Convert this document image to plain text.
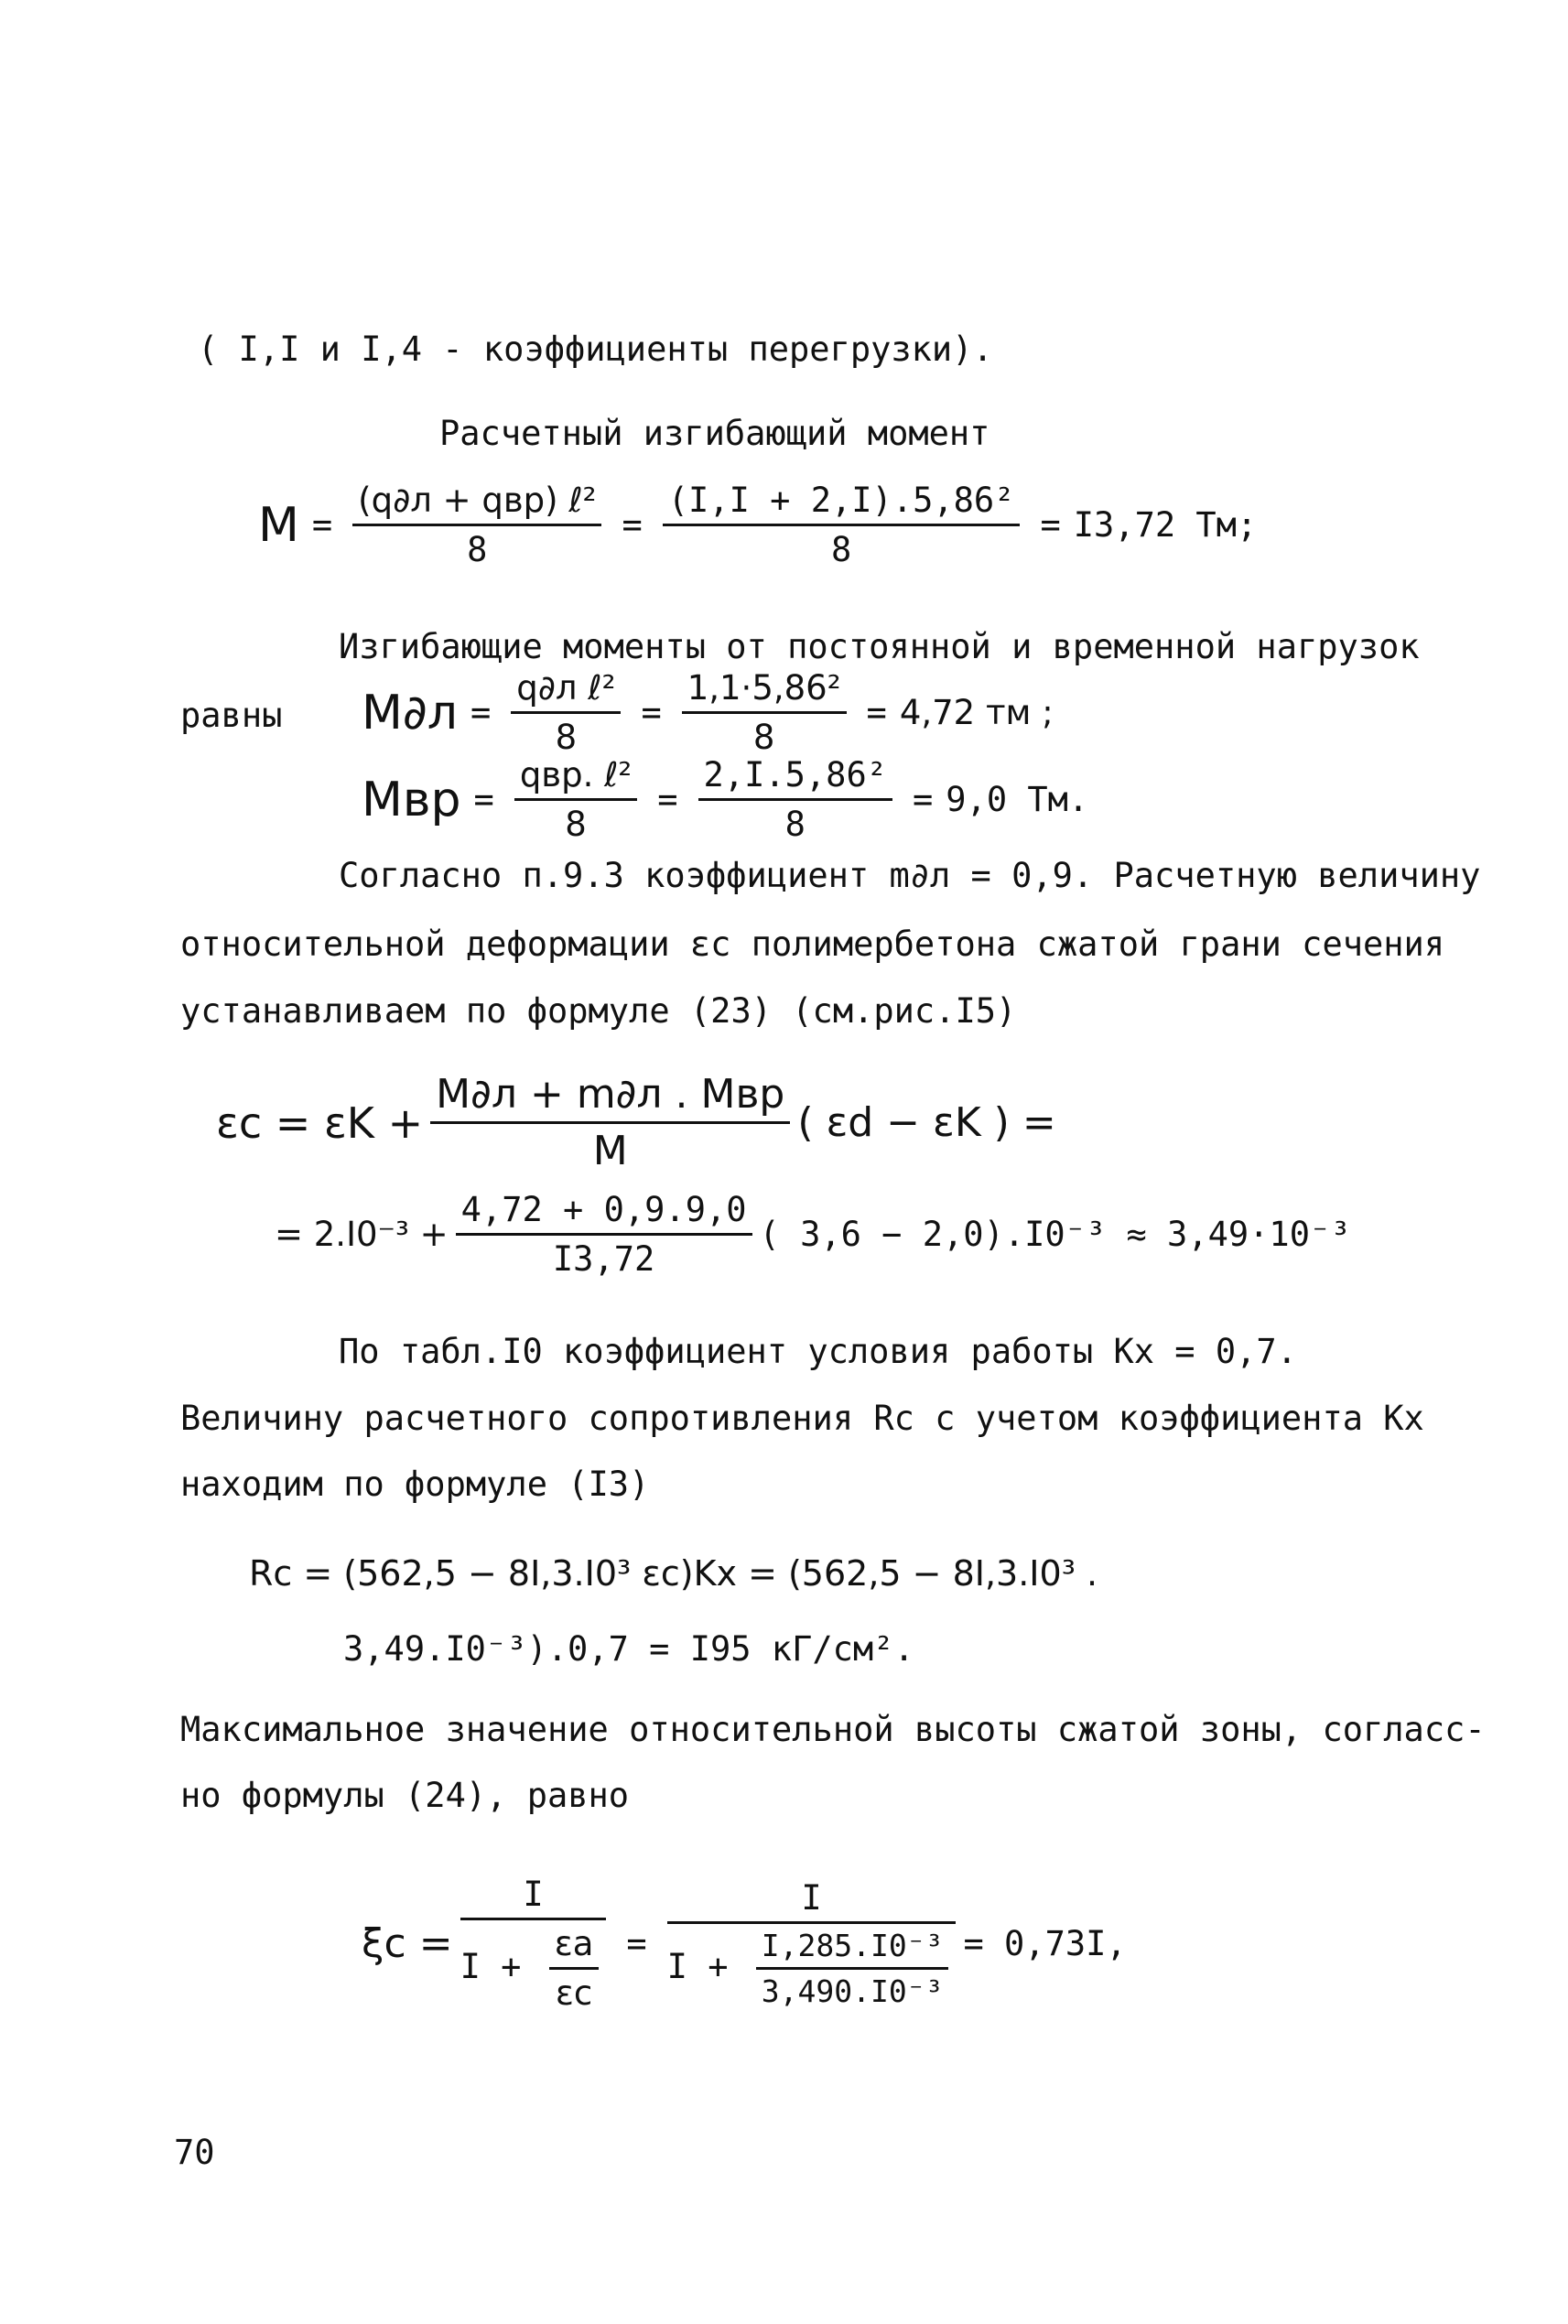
( I,I и I,4 - коэффициенты перегрузки).
Расчетный изгибающий момент
$M = \frac{\text{(q∂л + qвр) ℓ²}}{8} = \frac{\text{(I,I + 2,I).5,86²}}{8} = I3,72$ Тм;
Изгибающие моменты от постоянной и временной нагрузок
равны $M\partial л = \frac{\text{q∂л ℓ²}}{8} = \frac{\text{1,1·5,86²}}{8} = 4,72$ тм ;
Mвр = $\frac{\text{qвр. ℓ²}}{8} = \frac{\text{2,I.5,86²}}{8} = 9,0$ Тм.
Согласно п.9.3 коэффициент m∂л = 0,9. Расчетную величину
относительной деформации εc полимербетона сжатой грани сечения
устанавливаем по формуле (23) (см.рис.I5)
$\varepsilon c = \varepsilon K + \frac{\text{M∂л + m∂л . Mвр}}{M}$ ( εd − εK ) =
= $2.I0^{-3} + \frac{4,72 + 0,9.9,0}{I3,72}$ ( 3,6 − 2,0).I0⁻³ ≈ 3,49·10⁻³
По табл.I0 коэффициент условия работы Kx = 0,7.
Величину расчетного сопротивления Rc с учетом коэффициента Kx
находим по формуле (I3)
Rc = (562,5 − 8I,3.I0³ εc)Kx = (562,5 − 8I,3.I0³ .
3,49.I0⁻³).0,7 = I95 кГ/см².
Максимальное значение относительной высоты сжатой зоны, согласс-
но формулы (24), равно
$\xi c = \frac{I}{I + \frac{\varepsilon a}{\varepsilon c}} = \frac{I}{I + \frac{\text{I,285.I0⁻³}}{\text{3,490.I0⁻³}}} = 0,73I$,
70
